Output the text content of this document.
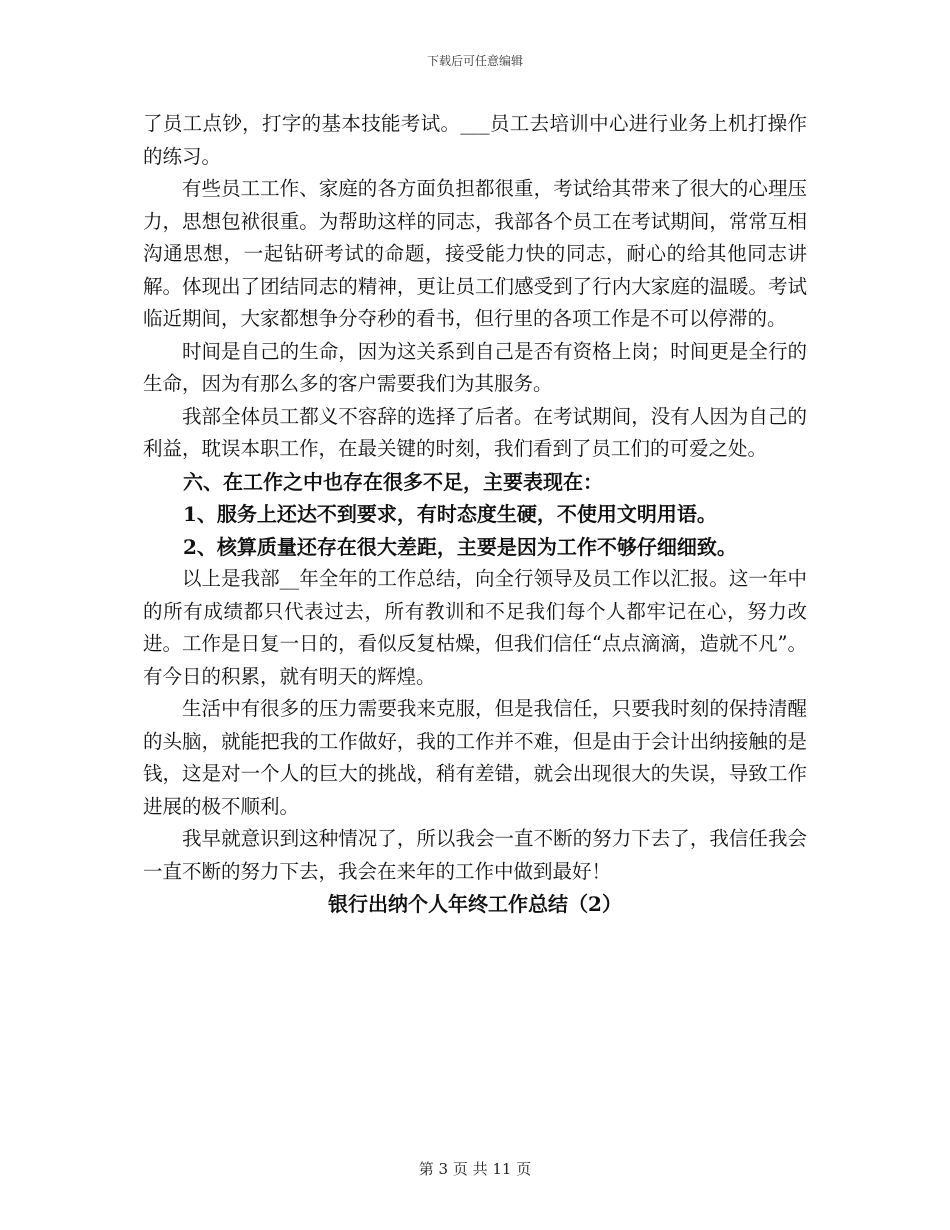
下载后可任意编辑

了员工点钞，打字的基本技能考试。___员工去培训中心进行业务上机打操作的练习。

有些员工工作、家庭的各方面负担都很重，考试给其带来了很大的心理压力，思想包袱很重。为帮助这样的同志，我部各个员工在考试期间，常常互相沟通思想，一起钻研考试的命题，接受能力快的同志，耐心的给其他同志讲解。体现出了团结同志的精神，更让员工们感受到了行内大家庭的温暖。考试临近期间，大家都想争分夺秒的看书，但行里的各项工作是不可以停滞的。

时间是自己的生命，因为这关系到自己是否有资格上岗；时间更是全行的生命，因为有那么多的客户需要我们为其服务。

我部全体员工都义不容辞的选择了后者。在考试期间，没有人因为自己的利益，耽误本职工作，在最关键的时刻，我们看到了员工们的可爱之处。

六、在工作之中也存在很多不足，主要表现在：

1、服务上还达不到要求，有时态度生硬，不使用文明用语。

2、核算质量还存在很大差距，主要是因为工作不够仔细细致。

以上是我部__年全年的工作总结，向全行领导及员工作以汇报。这一年中的所有成绩都只代表过去，所有教训和不足我们每个人都牢记在心，努力改进。工作是日复一日的，看似反复枯燥，但我们信任“点点滴滴，造就不凡”。有今日的积累，就有明天的辉煌。

生活中有很多的压力需要我来克服，但是我信任，只要我时刻的保持清醒的头脑，就能把我的工作做好，我的工作并不难，但是由于会计出纳接触的是钱，这是对一个人的巨大的挑战，稍有差错，就会出现很大的失误，导致工作进展的极不顺利。

我早就意识到这种情况了，所以我会一直不断的努力下去了，我信任我会一直不断的努力下去，我会在来年的工作中做到最好！

银行出纳个人年终工作总结（2）

第 3 页 共 11 页
